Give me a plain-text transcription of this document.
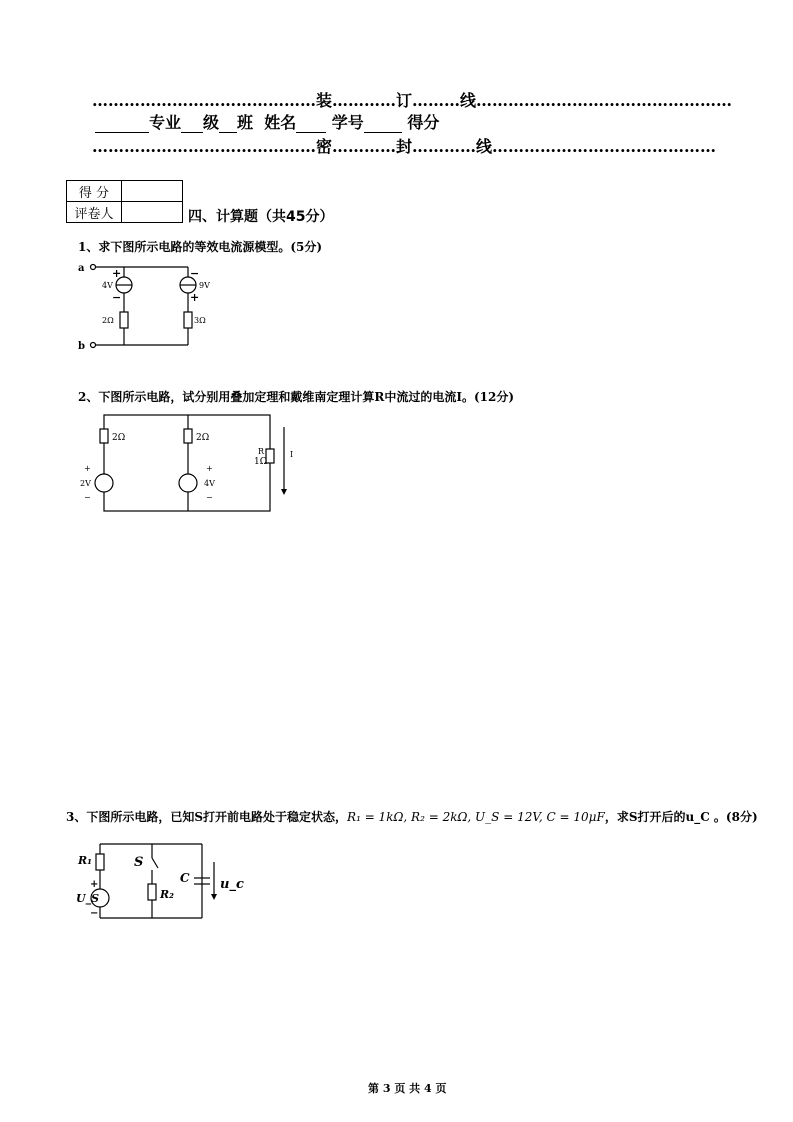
……………………………………装…………订………线…………………………………………
专业 级 班 姓名 学号	得分
……………………………………密…………封…………线……………………………………
得 分	
评卷人		四、计算题（共45分）
1、求下图所示电路的等效电流源模型。(5分)
a
b
+
−
4V
−
+
9V
2Ω	3Ω
2、下图所示电路，试分别用叠加定理和戴维南定理计算R中流过的电流I。(12分)
2Ω	2Ω
R
1Ω
I
+
2V
−
+
4V
−
3、下图所示电路，已知S打开前电路处于稳定状态，R₁ = 1kΩ, R₂ = 2kΩ, U_S = 12V, C = 10μF，求S打开后的u_C 。(8分)
R₁
R₂
S
C u_c
U_S
+
−
第 3 页 共 4 页
